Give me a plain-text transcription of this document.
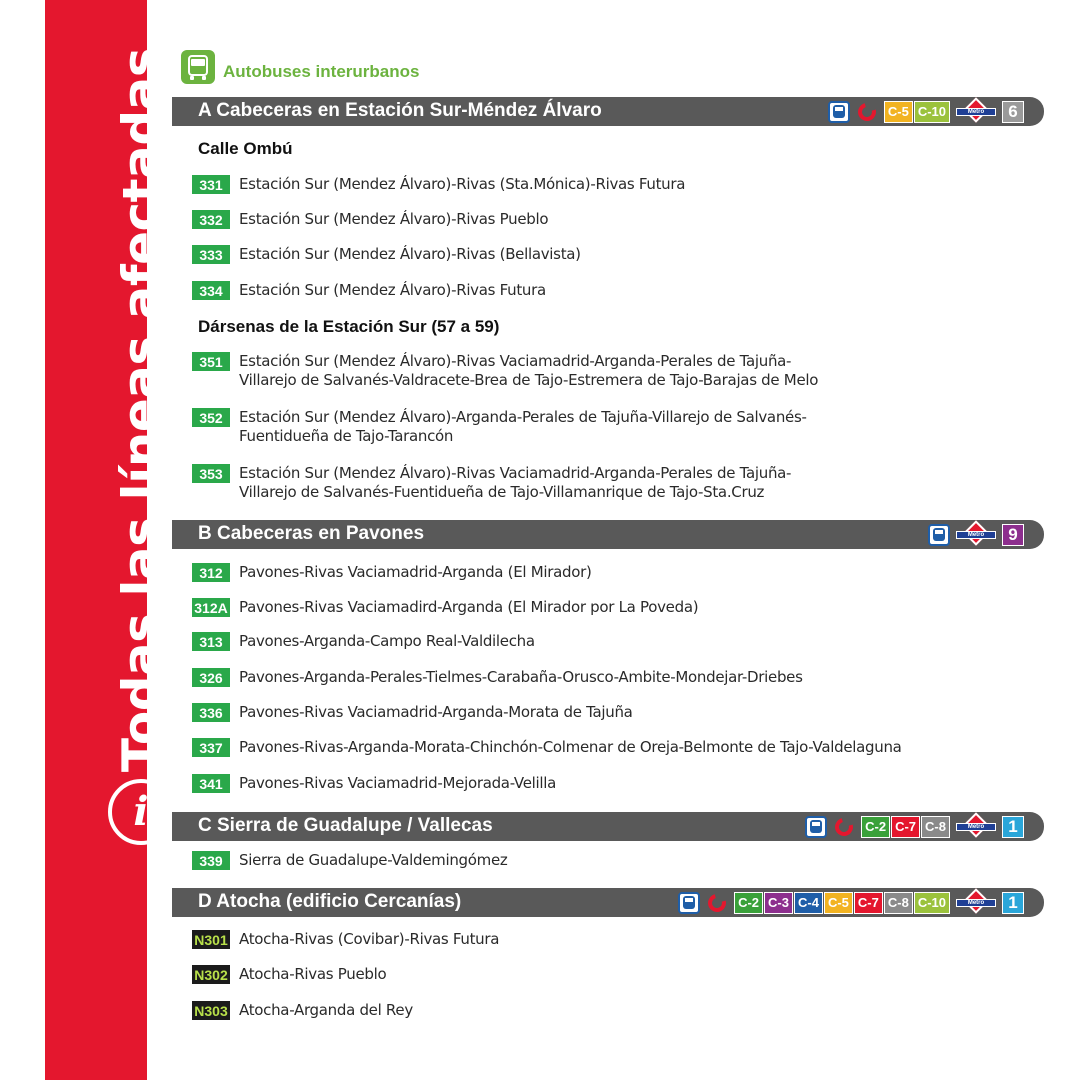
Todas las líneas afectadas
i
Autobuses interurbanos
A Cabeceras en Estación Sur-Méndez Álvaro	C-5 C-10	Metro	6
Calle Ombú
331	Estación Sur (Mendez Álvaro)-Rivas (Sta.Mónica)-Rivas Futura
332	Estación Sur (Mendez Álvaro)-Rivas Pueblo
333	Estación Sur (Mendez Álvaro)-Rivas (Bellavista)
334	Estación Sur (Mendez Álvaro)-Rivas Futura
Dársenas de la Estación Sur (57 a 59)
351	Estación Sur (Mendez Álvaro)-Rivas Vaciamadrid-Arganda-Perales de Tajuña-
Villarejo de Salvanés-Valdracete-Brea de Tajo-Estremera de Tajo-Barajas de Melo
352	Estación Sur (Mendez Álvaro)-Arganda-Perales de Tajuña-Villarejo de Salvanés-
Fuentidueña de Tajo-Tarancón
353	Estación Sur (Mendez Álvaro)-Rivas Vaciamadrid-Arganda-Perales de Tajuña-
Villarejo de Salvanés-Fuentidueña de Tajo-Villamanrique de Tajo-Sta.Cruz
B Cabeceras en Pavones	Metro	9
312	Pavones-Rivas Vaciamadrid-Arganda (El Mirador)
312A Pavones-Rivas Vaciamadird-Arganda (El Mirador por La Poveda)
313	Pavones-Arganda-Campo Real-Valdilecha
326	Pavones-Arganda-Perales-Tielmes-Carabaña-Orusco-Ambite-Mondejar-Driebes
336	Pavones-Rivas Vaciamadrid-Arganda-Morata de Tajuña
337	Pavones-Rivas-Arganda-Morata-Chinchón-Colmenar de Oreja-Belmonte de Tajo-Valdelaguna
341	Pavones-Rivas Vaciamadrid-Mejorada-Velilla
C Sierra de Guadalupe / Vallecas	C-2 C-7 C-8	Metro	1
339	Sierra de Guadalupe-Valdemingómez
D Atocha (edificio Cercanías)	C-2 C-3 C-4 C-5 C-7 C-8 C-10	Metro	1
N301 Atocha-Rivas (Covibar)-Rivas Futura
N302 Atocha-Rivas Pueblo
N303 Atocha-Arganda del Rey
